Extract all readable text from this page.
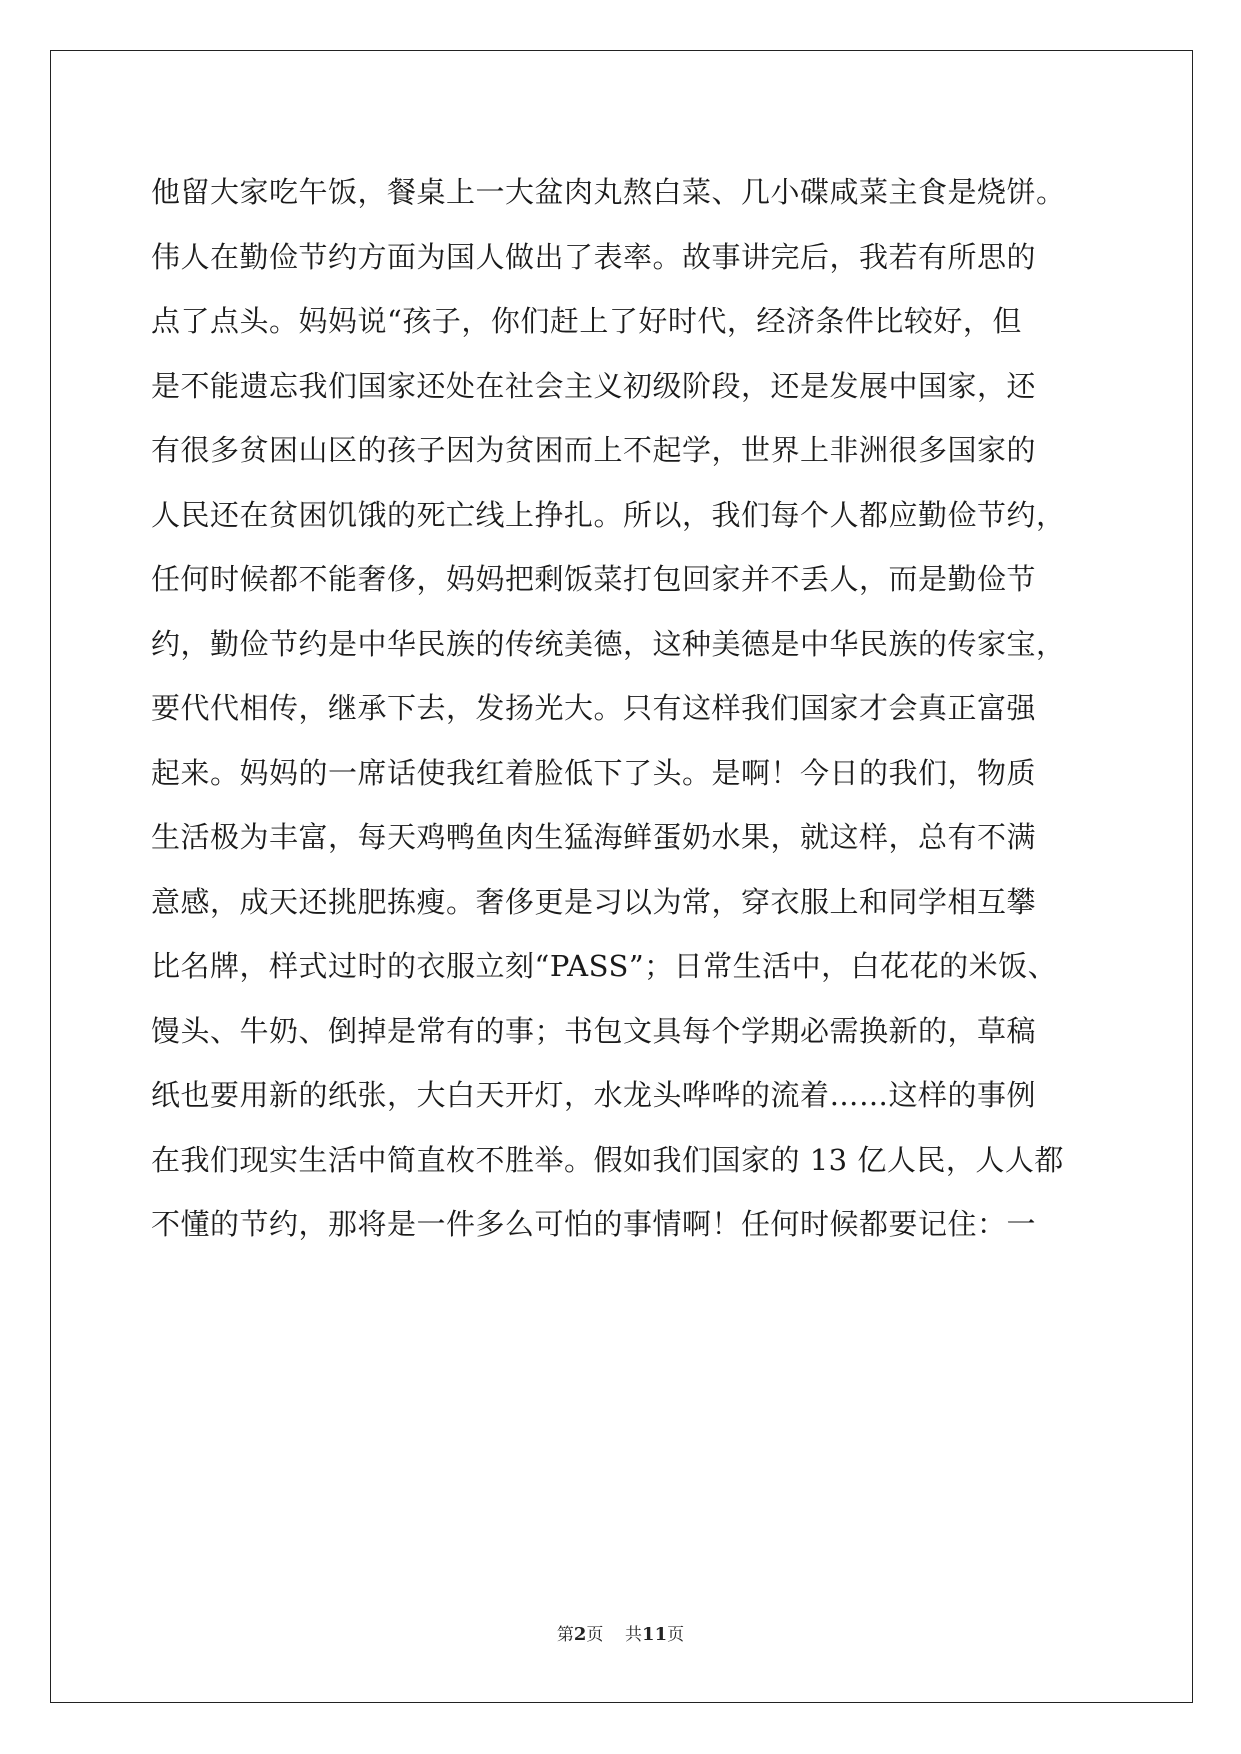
他留大家吃午饭，餐桌上一大盆肉丸熬白菜、几小碟咸菜主食是烧饼。
伟人在勤俭节约方面为国人做出了表率。故事讲完后，我若有所思的
点了点头。妈妈说“孩子，你们赶上了好时代，经济条件比较好，但
是不能遗忘我们国家还处在社会主义初级阶段，还是发展中国家，还
有很多贫困山区的孩子因为贫困而上不起学，世界上非洲很多国家的
人民还在贫困饥饿的死亡线上挣扎。所以，我们每个人都应勤俭节约，
任何时候都不能奢侈，妈妈把剩饭菜打包回家并不丢人，而是勤俭节
约，勤俭节约是中华民族的传统美德，这种美德是中华民族的传家宝，
要代代相传，继承下去，发扬光大。只有这样我们国家才会真正富强
起来。妈妈的一席话使我红着脸低下了头。是啊！今日的我们，物质
生活极为丰富，每天鸡鸭鱼肉生猛海鲜蛋奶水果，就这样，总有不满
意感，成天还挑肥拣瘦。奢侈更是习以为常，穿衣服上和同学相互攀
比名牌，样式过时的衣服立刻“PASS”；日常生活中，白花花的米饭、
馒头、牛奶、倒掉是常有的事；书包文具每个学期必需换新的，草稿
纸也要用新的纸张，大白天开灯，水龙头哗哗的流着……这样的事例
在我们现实生活中简直枚不胜举。假如我们国家的 13 亿人民，人人都
不懂的节约，那将是一件多么可怕的事情啊！任何时候都要记住：一
第2页 共11页
